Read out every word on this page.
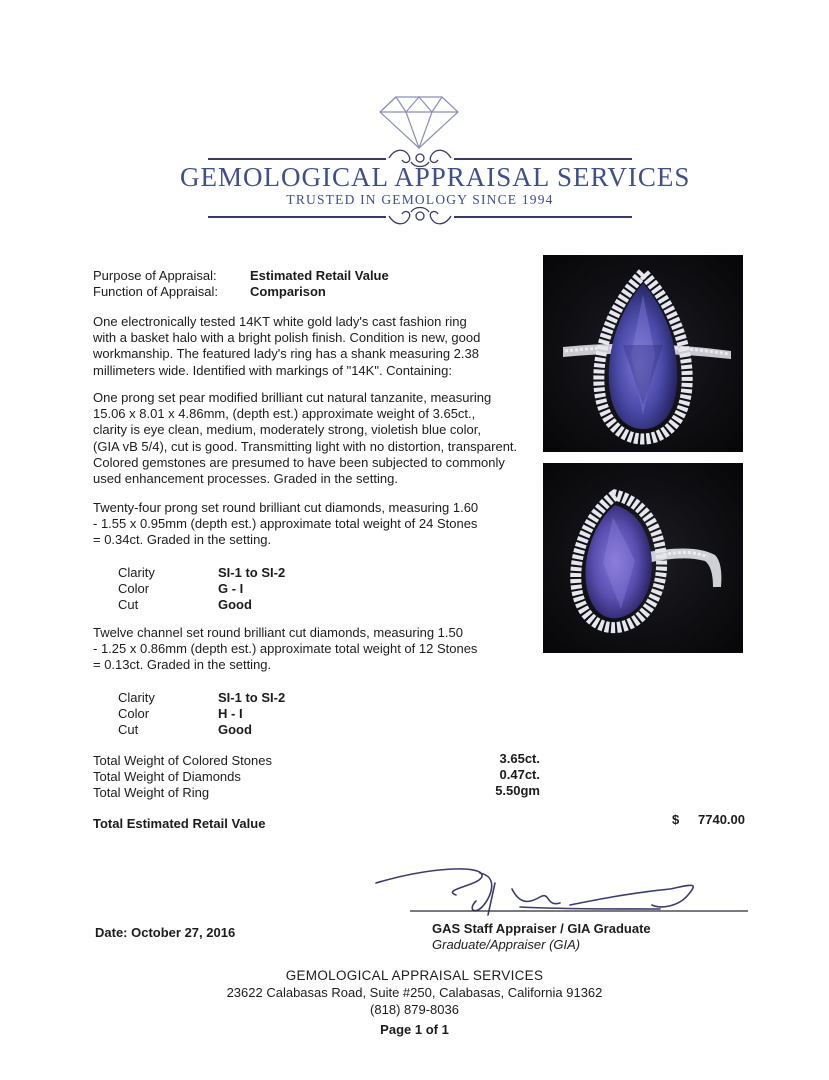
GEMOLOGICAL APPRAISAL SERVICES
TRUSTED IN GEMOLOGY SINCE 1994
Purpose of Appraisal:	Estimated Retail Value
Function of Appraisal: Comparison
One electronically tested 14KT white gold lady's cast fashion ring
with a basket halo with a bright polish finish. Condition is new, good
workmanship. The featured lady's ring has a shank measuring 2.38
millimeters wide. Identified with markings of "14K". Containing:
One prong set pear modified brilliant cut natural tanzanite, measuring
15.06 x 8.01 x 4.86mm, (depth est.) approximate weight of 3.65ct.,
clarity is eye clean, medium, moderately strong, violetish blue color,
(GIA vB 5/4), cut is good. Transmitting light with no distortion, transparent.
Colored gemstones are presumed to have been subjected to commonly
used enhancement processes. Graded in the setting.
Twenty-four prong set round brilliant cut diamonds, measuring 1.60
- 1.55 x 0.95mm (depth est.) approximate total weight of 24 Stones
= 0.34ct. Graded in the setting.
Clarity	SI-1 to SI-2
Color	G - I
Cut	Good
Twelve channel set round brilliant cut diamonds, measuring 1.50
- 1.25 x 0.86mm (depth est.) approximate total weight of 12 Stones
= 0.13ct. Graded in the setting.
Clarity	SI-1 to SI-2
Color	H - I
Cut	Good
Total Weight of Colored Stones	3.65ct.
Total Weight of Diamonds	0.47ct.
Total Weight of Ring	5.50gm
Total Estimated Retail Value	$	7740.00
Date: October 27, 2016	GAS Staff Appraiser / GIA Graduate
Graduate/Appraiser (GIA)
GEMOLOGICAL APPRAISAL SERVICES
23622 Calabasas Road, Suite #250, Calabasas, California 91362
(818) 879-8036
Page 1 of 1
